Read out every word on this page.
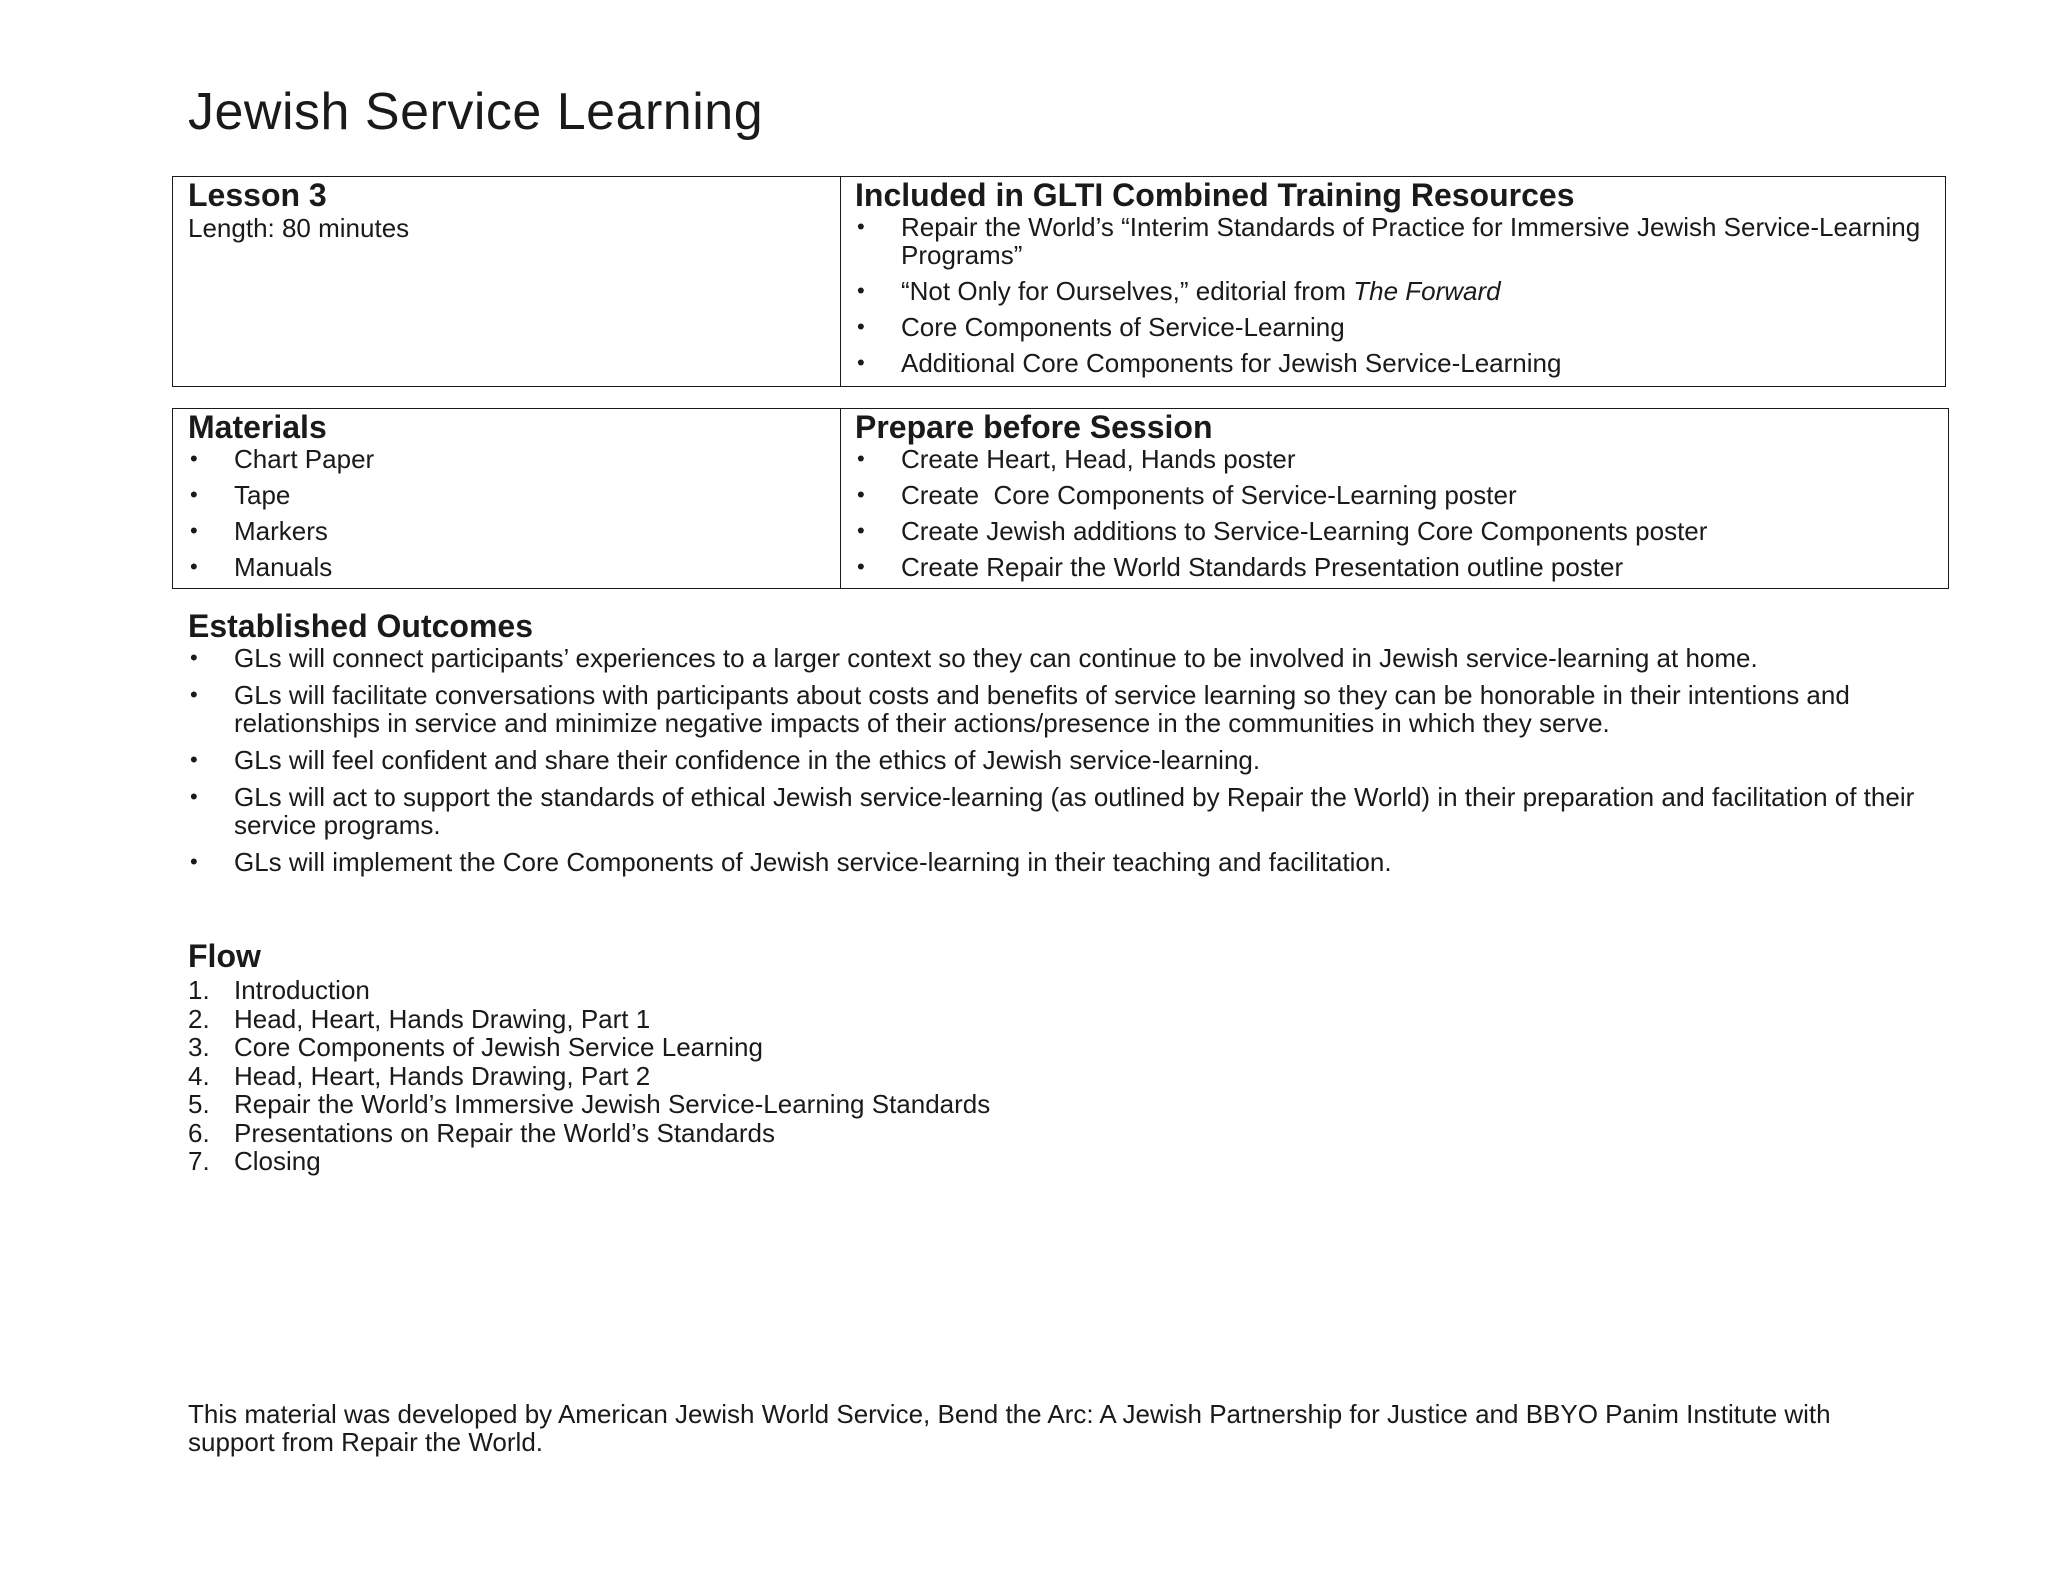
Jewish Service Learning

Lesson 3

Length: 80 minutes

Included in GLTI Combined Training Resources

• Repair the World’s “Interim Standards of Practice for Immersive Jewish Service-Learning Programs”
• “Not Only for Ourselves,” editorial from The Forward
• Core Components of Service-Learning
• Additional Core Components for Jewish Service-Learning

Materials

• Chart Paper
• Tape
• Markers
• Manuals

Prepare before Session

• Create Heart, Head, Hands poster
• Create  Core Components of Service-Learning poster
• Create Jewish additions to Service-Learning Core Components poster
• Create Repair the World Standards Presentation outline poster

Established Outcomes

• GLs will connect participants’ experiences to a larger context so they can continue to be involved in Jewish service-learning at home.
• GLs will facilitate conversations with participants about costs and benefits of service learning so they can be honorable in their intentions and relationships in service and minimize negative impacts of their actions/presence in the communities in which they serve.
• GLs will feel confident and share their confidence in the ethics of Jewish service-learning.
• GLs will act to support the standards of ethical Jewish service-learning (as outlined by Repair the World) in their preparation and facilitation of their service programs.
• GLs will implement the Core Components of Jewish service-learning in their teaching and facilitation.

Flow

1. Introduction
2. Head, Heart, Hands Drawing, Part 1
3. Core Components of Jewish Service Learning
4. Head, Heart, Hands Drawing, Part 2
5. Repair the World’s Immersive Jewish Service-Learning Standards
6. Presentations on Repair the World’s Standards
7. Closing

This material was developed by American Jewish World Service, Bend the Arc: A Jewish Partnership for Justice and BBYO Panim Institute with support from Repair the World.
